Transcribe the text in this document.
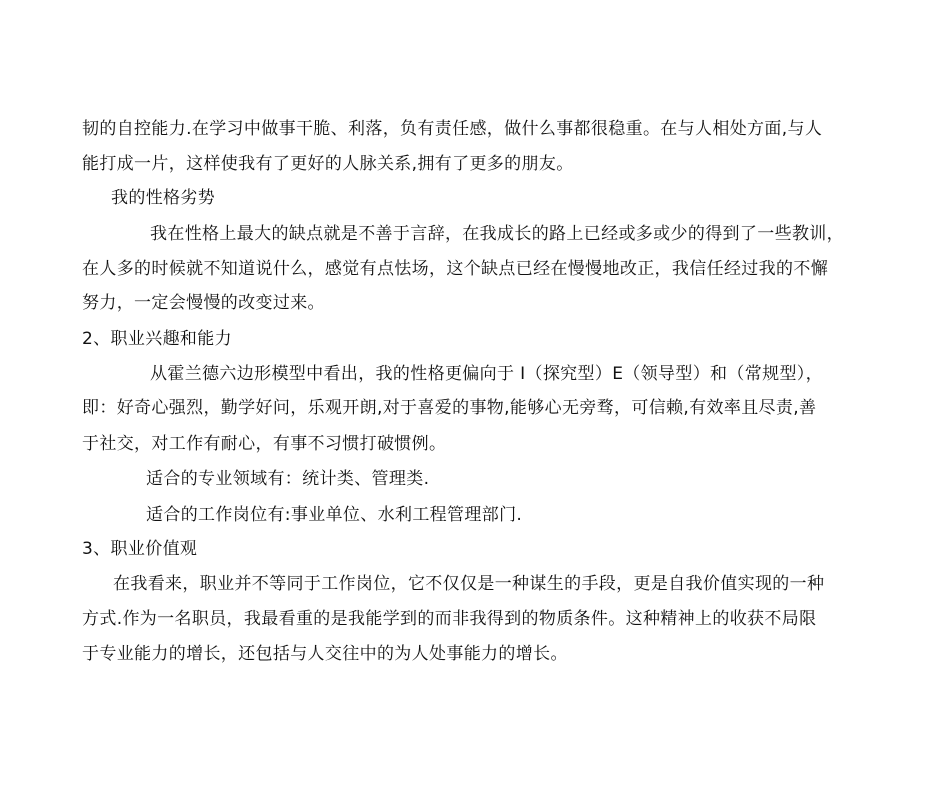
韧的自控能力.在学习中做事干脆、利落，负有责任感，做什么事都很稳重。在与人相处方面,与人
能打成一片，这样使我有了更好的人脉关系,拥有了更多的朋友。
我的性格劣势
我在性格上最大的缺点就是不善于言辞，在我成长的路上已经或多或少的得到了一些教训，
在人多的时候就不知道说什么，感觉有点怯场，这个缺点已经在慢慢地改正，我信任经过我的不懈
努力，一定会慢慢的改变过来。
2、职业兴趣和能力
从霍兰德六边形模型中看出，我的性格更偏向于 I（探究型）E（领导型）和（常规型），
即：好奇心强烈，勤学好问，乐观开朗,对于喜爱的事物,能够心无旁骛，可信赖,有效率且尽责,善
于社交，对工作有耐心，有事不习惯打破惯例。
适合的专业领域有：统计类、管理类.
适合的工作岗位有:事业单位、水利工程管理部门.
3、职业价值观
在我看来，职业并不等同于工作岗位，它不仅仅是一种谋生的手段，更是自我价值实现的一种
方式.作为一名职员，我最看重的是我能学到的而非我得到的物质条件。这种精神上的收获不局限
于专业能力的增长，还包括与人交往中的为人处事能力的增长。
